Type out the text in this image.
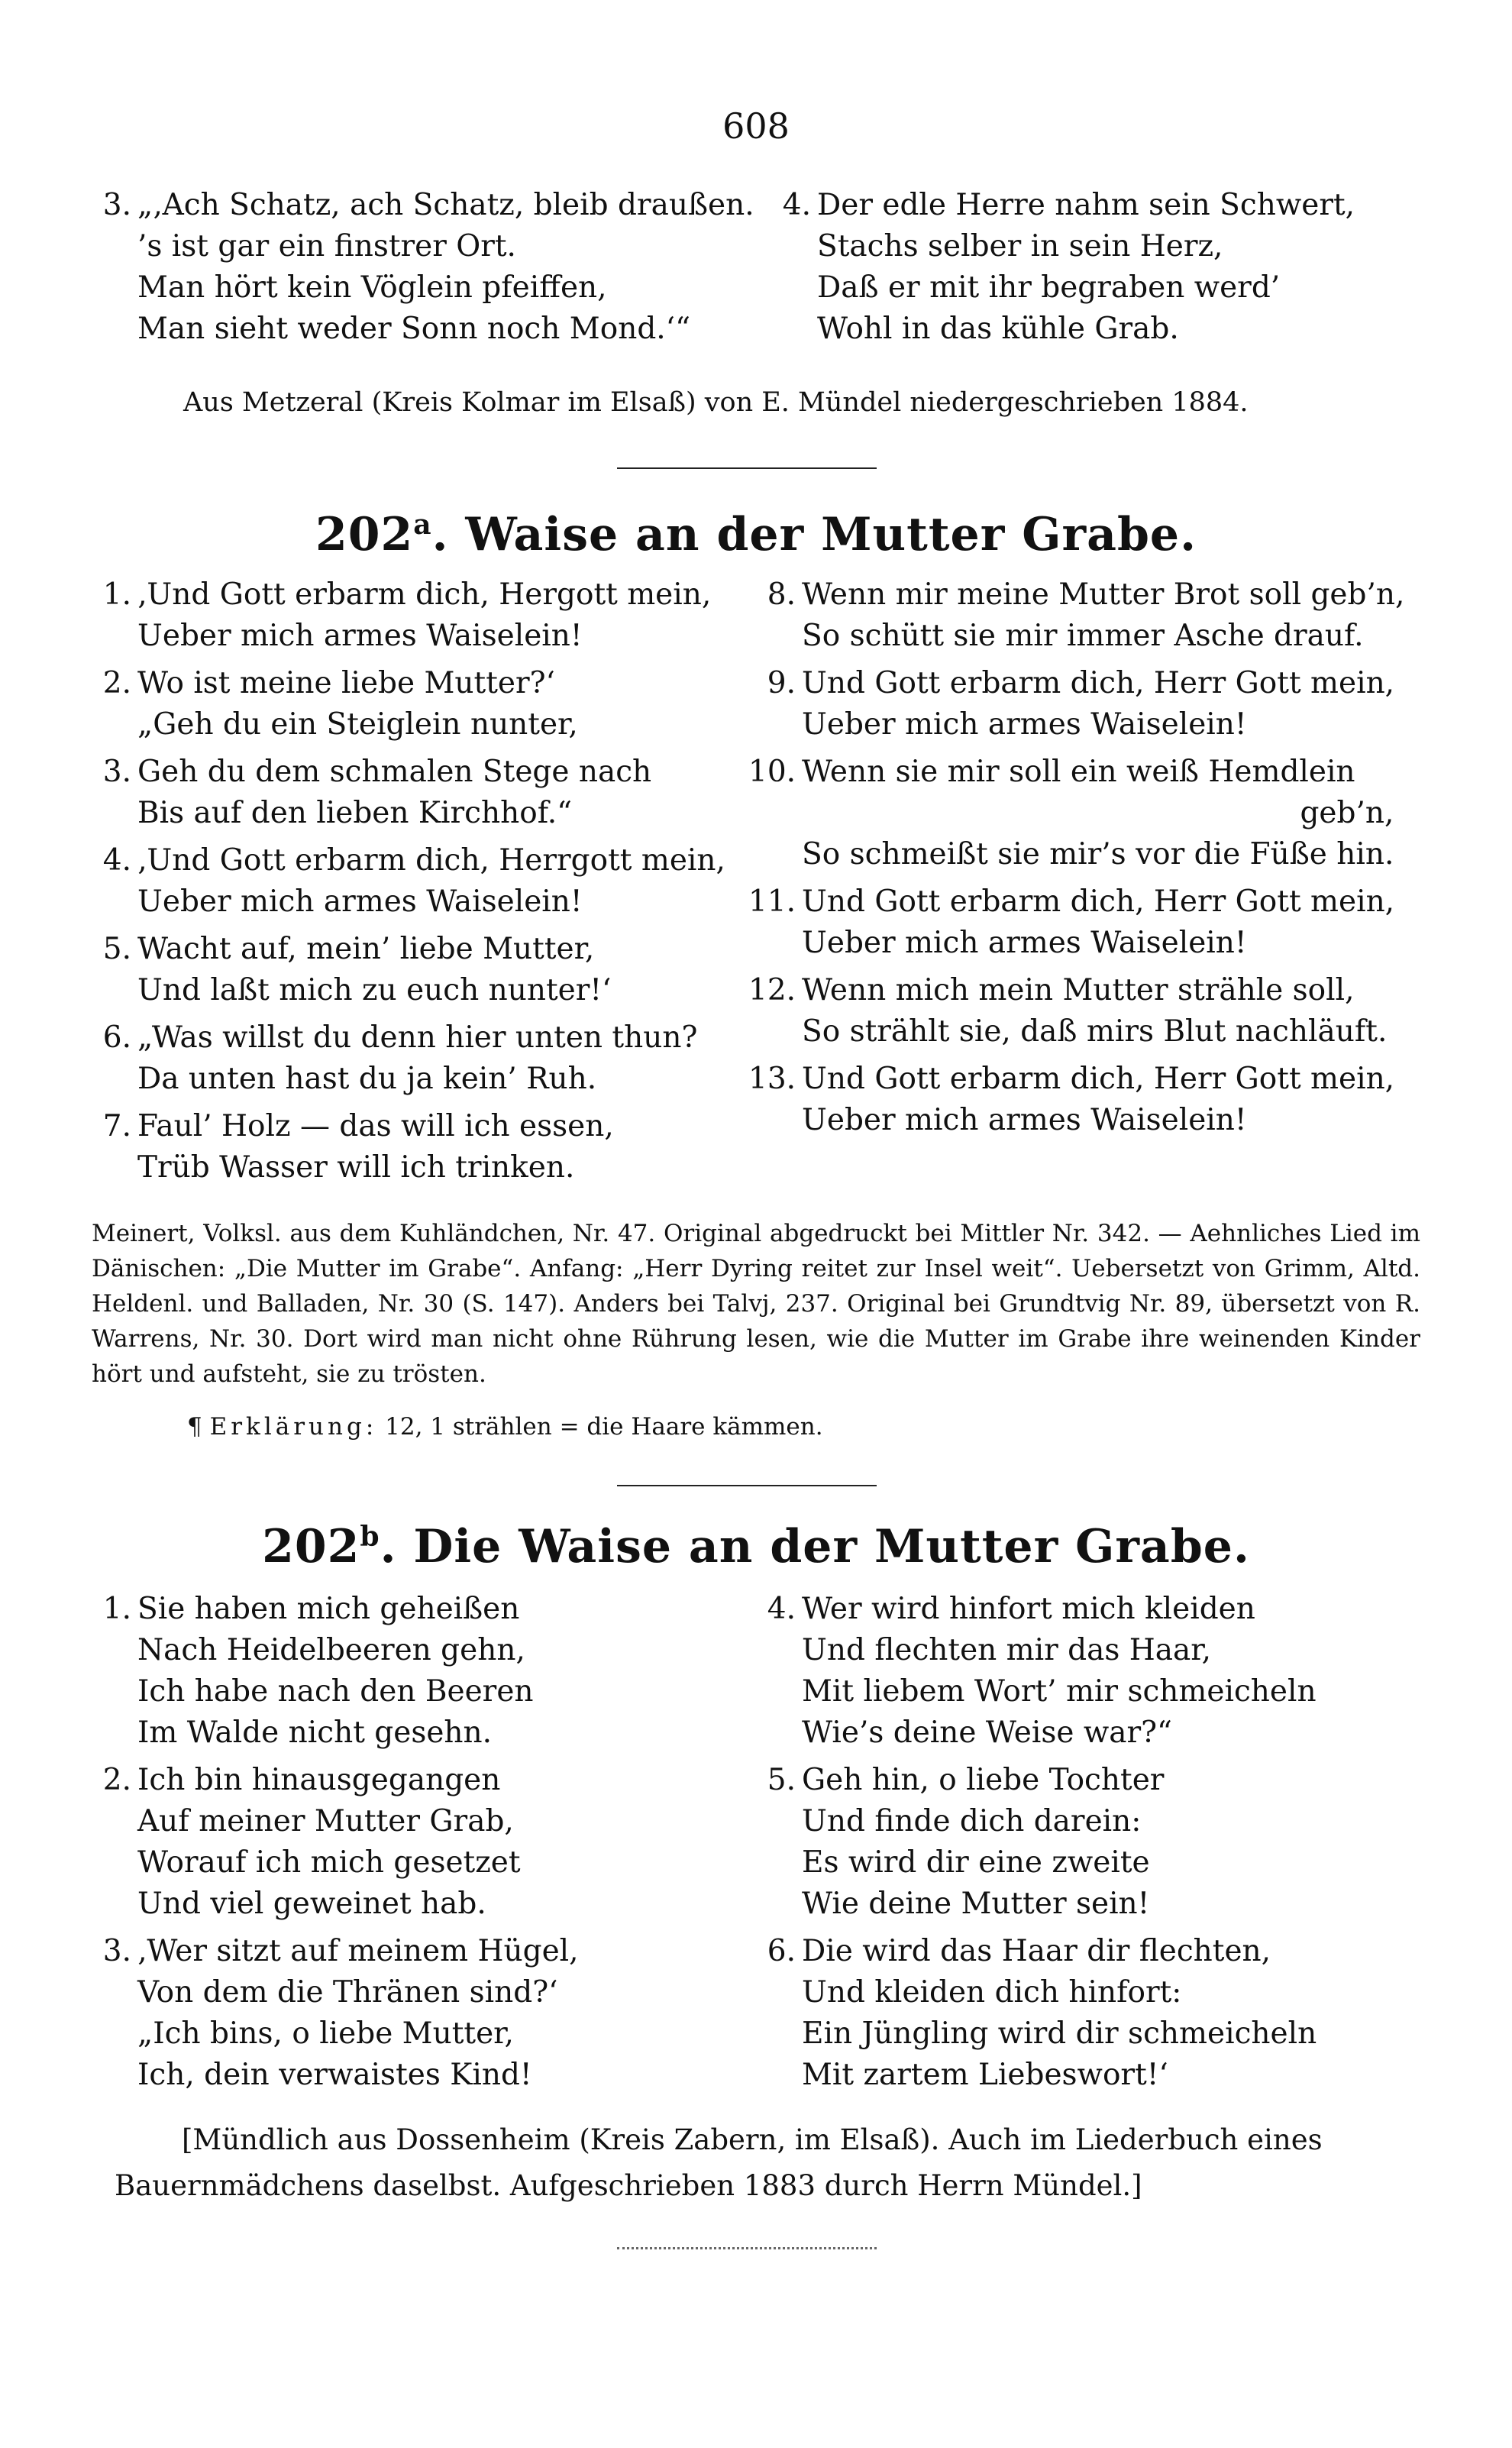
608
3. „‚Ach Schatz, ach Schatz, bleib draußen.
’s ist gar ein finstrer Ort.
Man hört kein Vöglein pfeiffen,
Man sieht weder Sonn noch Mond.‘“
4. Der edle Herre nahm sein Schwert,
Stachs selber in sein Herz,
Daß er mit ihr begraben werd’
Wohl in das kühle Grab.
Aus Metzeral (Kreis Kolmar im Elsaß) von E. Mündel niedergeschrieben 1884.
202$^a$. Waise an der Mutter Grabe.
1. ‚Und Gott erbarm dich, Hergott mein,
Ueber mich armes Waiselein!
2. Wo ist meine liebe Mutter?‘
„Geh du ein Steiglein nunter,
3. Geh du dem schmalen Stege nach
Bis auf den lieben Kirchhof.“
4. ‚Und Gott erbarm dich, Herrgott mein,
Ueber mich armes Waiselein!
5. Wacht auf, mein’ liebe Mutter,
Und laßt mich zu euch nunter!‘
6. „Was willst du denn hier unten thun?
Da unten hast du ja kein’ Ruh.
7. Faul’ Holz — das will ich essen,
Trüb Wasser will ich trinken.
8. Wenn mir meine Mutter Brot soll geb’n,
So schütt sie mir immer Asche drauf.
9. Und Gott erbarm dich, Herr Gott mein,
Ueber mich armes Waiselein!
10. Wenn sie mir soll ein weiß Hemdlein
geb’n,
So schmeißt sie mir’s vor die Füße hin.
11. Und Gott erbarm dich, Herr Gott mein,
Ueber mich armes Waiselein!
12. Wenn mich mein Mutter strähle soll,
So strählt sie, daß mirs Blut nachläuft.
13. Und Gott erbarm dich, Herr Gott mein,
Ueber mich armes Waiselein!
Meinert, Volksl. aus dem Kuhländchen, Nr. 47. Original abgedruckt bei Mittler Nr. 342. — Aehnliches Lied im Dänischen: „Die Mutter im Grabe“. Anfang: „Herr Dyring reitet zur Insel weit“. Uebersetzt von Grimm, Altd. Heldenl. und Balladen, Nr. 30 (S. 147). Anders bei Talvj, 237. Original bei Grundtvig Nr. 89, übersetzt von R. Warrens, Nr. 30. Dort wird man nicht ohne Rührung lesen, wie die Mutter im Grabe ihre weinenden Kinder hört und aufsteht, sie zu trösten.
¶ Erklärung: 12, 1 strählen = die Haare kämmen.
202$^b$. Die Waise an der Mutter Grabe.
1. Sie haben mich geheißen
Nach Heidelbeeren gehn,
Ich habe nach den Beeren
Im Walde nicht gesehn.
2. Ich bin hinausgegangen
Auf meiner Mutter Grab,
Worauf ich mich gesetzet
Und viel geweinet hab.
3. ‚Wer sitzt auf meinem Hügel,
Von dem die Thränen sind?‘
„Ich bins, o liebe Mutter,
Ich, dein verwaistes Kind!
4. Wer wird hinfort mich kleiden
Und flechten mir das Haar,
Mit liebem Wort’ mir schmeicheln
Wie’s deine Weise war?“
5. Geh hin, o liebe Tochter
Und finde dich darein:
Es wird dir eine zweite
Wie deine Mutter sein!
6. Die wird das Haar dir flechten,
Und kleiden dich hinfort:
Ein Jüngling wird dir schmeicheln
Mit zartem Liebeswort!‘
[Mündlich aus Dossenheim (Kreis Zabern, im Elsaß). Auch im Liederbuch eines
Bauernmädchens daselbst. Aufgeschrieben 1883 durch Herrn Mündel.]
